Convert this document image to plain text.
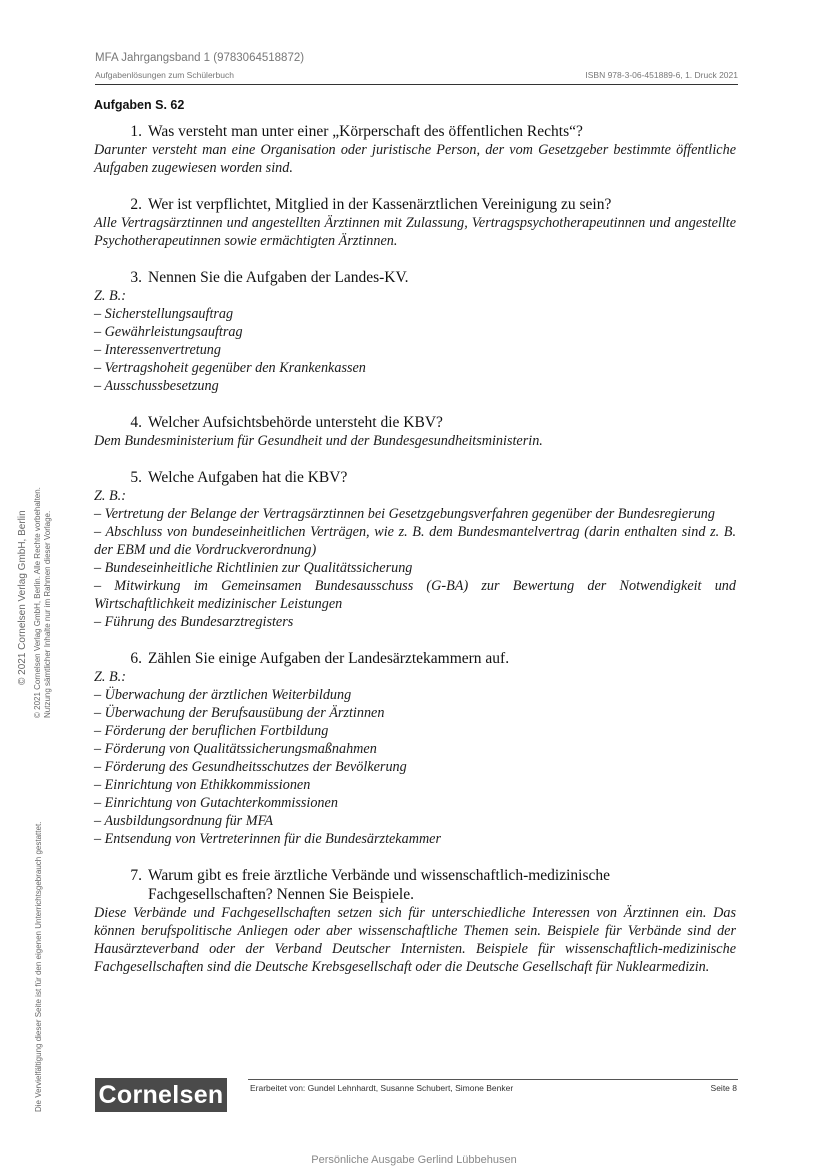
MFA Jahrgangsband 1 (9783064518872)
Aufgabenlösungen zum Schülerbuch	ISBN 978-3-06-451889-6, 1. Druck 2021
© 2021 Cornelsen Verlag GmbH, Berlin © 2021 Cornelsen Verlag GmbH, Berlin. Alle Rechte vorbehalten. Nutzung sämtlicher Inhalte nur im Rahmen dieser Vorlage.
Die Vervielfältigung dieser Seite ist für den eigenen Unterrichtsgebrauch gestattet.
Aufgaben S. 62
1. Was versteht man unter einer „Körperschaft des öffentlichen Rechts“?

Darunter versteht man eine Organisation oder juristische Person, der vom Gesetzgeber bestimmte öffentliche Aufgaben zugewiesen worden sind.

2. Wer ist verpflichtet, Mitglied in der Kassenärztlichen Vereinigung zu sein?

Alle Vertragsärztinnen und angestellten Ärztinnen mit Zulassung, Vertragspsychotherapeutinnen und angestellte Psychotherapeutinnen sowie ermächtigten Ärztinnen.

3. Nennen Sie die Aufgaben der Landes-KV.

Z. B.:

– Sicherstellungsauftrag

– Gewährleistungsauftrag

– Interessenvertretung

– Vertragshoheit gegenüber den Krankenkassen

– Ausschussbesetzung

4. Welcher Aufsichtsbehörde untersteht die KBV?

Dem Bundesministerium für Gesundheit und der Bundesgesundheitsministerin.

5. Welche Aufgaben hat die KBV?

Z. B.:

– Vertretung der Belange der Vertragsärztinnen bei Gesetzgebungsverfahren gegenüber der Bundesregierung

– Abschluss von bundeseinheitlichen Verträgen, wie z. B. dem Bundesmantelvertrag (darin enthalten sind z. B. der EBM und die Vordruckverordnung)

– Bundeseinheitliche Richtlinien zur Qualitätssicherung

– Mitwirkung im Gemeinsamen Bundesausschuss (G-BA) zur Bewertung der Notwendigkeit und Wirtschaftlichkeit medizinischer Leistungen

– Führung des Bundesarztregisters

6. Zählen Sie einige Aufgaben der Landesärztekammern auf.

Z. B.:

– Überwachung der ärztlichen Weiterbildung

– Überwachung der Berufsausübung der Ärztinnen

– Förderung der beruflichen Fortbildung

– Förderung von Qualitätssicherungsmaßnahmen

– Förderung des Gesundheitsschutzes der Bevölkerung

– Einrichtung von Ethikkommissionen

– Einrichtung von Gutachterkommissionen

– Ausbildungsordnung für MFA

– Entsendung von Vertreterinnen für die Bundesärztekammer

7. Warum gibt es freie ärztliche Verbände und wissenschaftlich-medizinische Fachgesellschaften? Nennen Sie Beispiele.

Diese Verbände und Fachgesellschaften setzen sich für unterschiedliche Interessen von Ärztinnen ein. Das können berufspolitische Anliegen oder aber wissenschaftliche Themen sein. Beispiele für Verbände sind der Hausärzteverband oder der Verband Deutscher Internisten. Beispiele für wissenschaftlich-medizinische Fachgesellschaften sind die Deutsche Krebsgesellschaft oder die Deutsche Gesellschaft für Nuklearmedizin.

Cornelsen	Erarbeitet von: Gundel Lehnhardt, Susanne Schubert, Simone Benker	Seite 8
Persönliche Ausgabe Gerlind Lübbehusen
